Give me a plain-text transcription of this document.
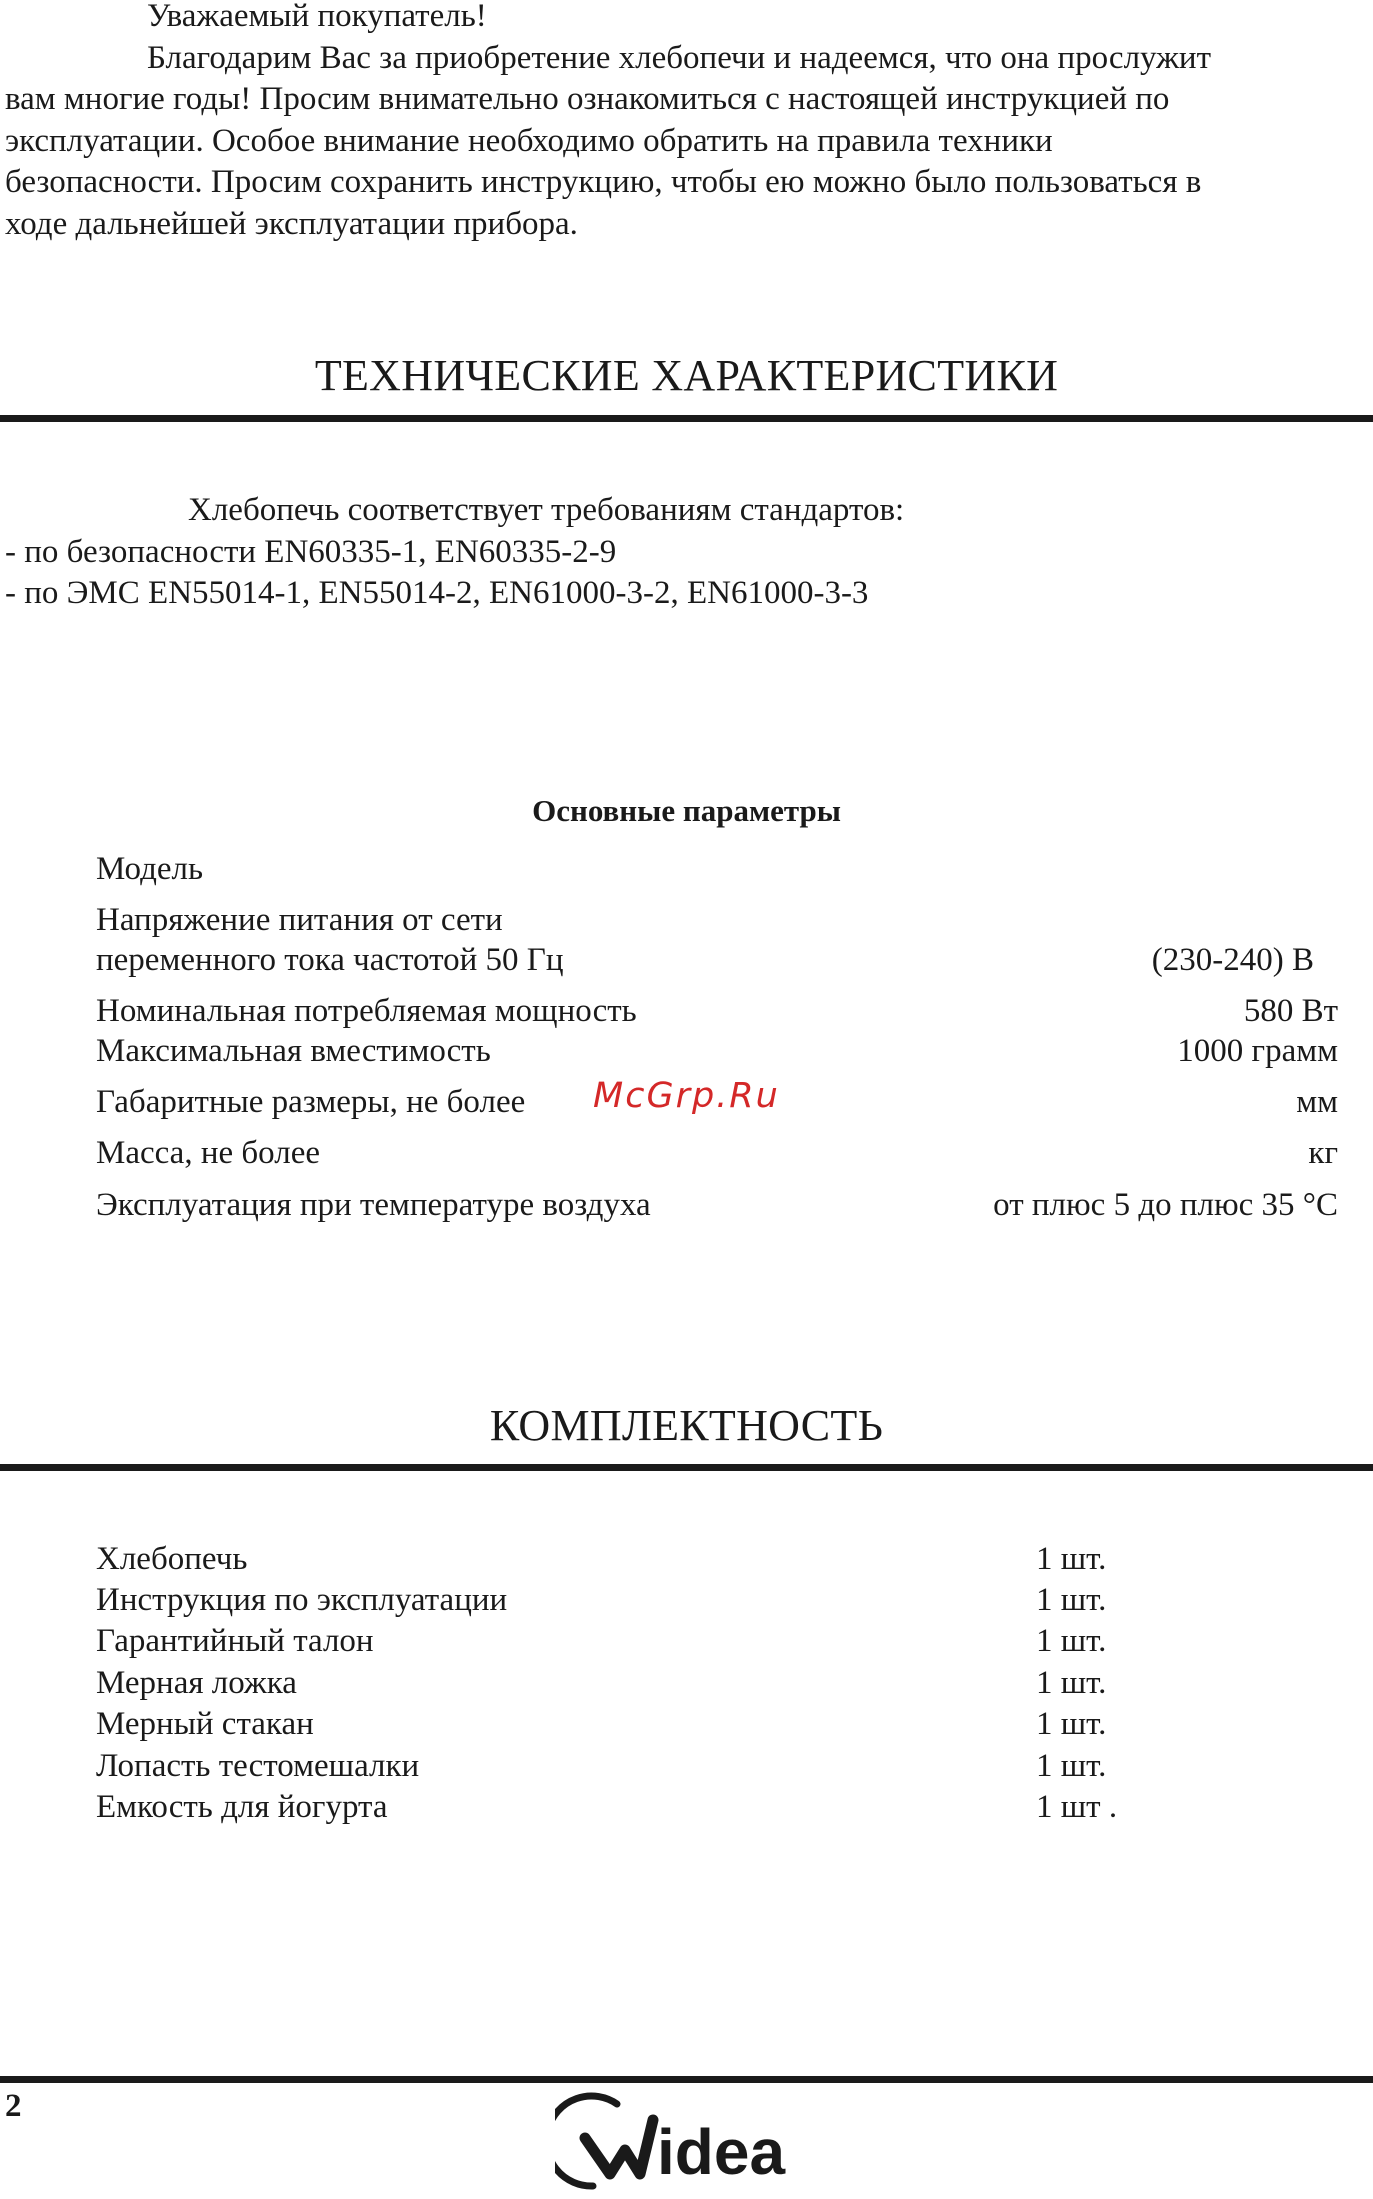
Уважаемый покупатель!
Благодарим Вас за приобретение хлебопечи и надеемся, что она прослужит
вам многие годы! Просим внимательно ознакомиться с настоящей инструкцией по
эксплуатации. Особое внимание необходимо обратить на правила техники
безопасности. Просим сохранить инструкцию, чтобы ею можно было пользоваться в
ходе дальнейшей эксплуатации прибора.
ТЕХНИЧЕСКИЕ ХАРАКТЕРИСТИКИ
Хлебопечь соответствует требованиям стандартов:
- по безопасности EN60335-1, EN60335-2-9
- по ЭМС EN55014-1, EN55014-2, EN61000-3-2, EN61000-3-3
Основные параметры
Модель
Напряжение питания от сети
переменного тока частотой 50 Гц	(230-240) В
Номинальная потребляемая мощность	580 Вт
Максимальная вместимость	1000 грамм
Габаритные размеры, не более	мм
Масса, не более	кг
Эксплуатация при температуре воздуха	от плюс 5 до плюс 35 °С
McGrp.Ru
КОМПЛЕКТНОСТЬ
Хлебопечь	1 шт.
Инструкция по эксплуатации	1 шт.
Гарантийный талон	1 шт.
Мерная ложка	1 шт.
Мерный стакан	1 шт.
Лопасть тестомешалки	1 шт.
Емкость для йогурта	1 шт .
2
idea
